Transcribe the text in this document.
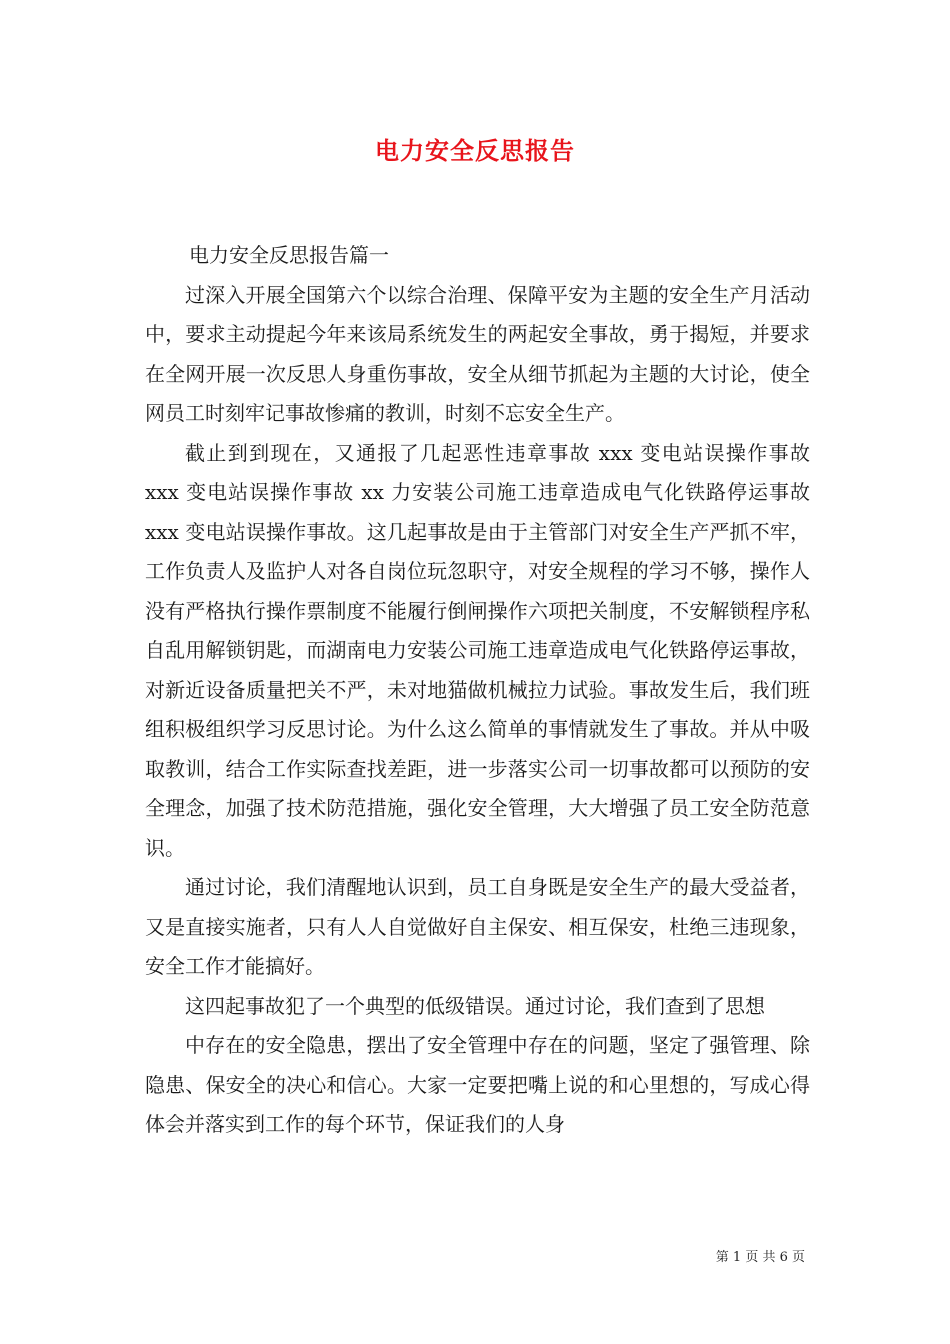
电力安全反思报告

电力安全反思报告篇一

过深入开展全国第六个以综合治理、保障平安为主题的安全生产月活动中，要求主动提起今年来该局系统发生的两起安全事故，勇于揭短，并要求在全网开展一次反思人身重伤事故，安全从细节抓起为主题的大讨论，使全网员工时刻牢记事故惨痛的教训，时刻不忘安全生产。

截止到到现在，又通报了几起恶性违章事故 xxx 变电站误操作事故 xxx 变电站误操作事故 xx 力安装公司施工违章造成电气化铁路停运事故 xxx 变电站误操作事故。这几起事故是由于主管部门对安全生产严抓不牢，工作负责人及监护人对各自岗位玩忽职守，对安全规程的学习不够，操作人没有严格执行操作票制度不能履行倒闸操作六项把关制度，不安解锁程序私自乱用解锁钥匙，而湖南电力安装公司施工违章造成电气化铁路停运事故，对新近设备质量把关不严，未对地猫做机械拉力试验。事故发生后，我们班组积极组织学习反思讨论。为什么这么简单的事情就发生了事故。并从中吸取教训，结合工作实际查找差距，进一步落实公司一切事故都可以预防的安全理念，加强了技术防范措施，强化安全管理，大大增强了员工安全防范意识。

通过讨论，我们清醒地认识到，员工自身既是安全生产的最大受益者，又是直接实施者，只有人人自觉做好自主保安、相互保安，杜绝三违现象，安全工作才能搞好。

这四起事故犯了一个典型的低级错误。通过讨论，我们查到了思想

中存在的安全隐患，摆出了安全管理中存在的问题，坚定了强管理、除隐患、保安全的决心和信心。大家一定要把嘴上说的和心里想的，写成心得体会并落实到工作的每个环节，保证我们的人身

第 1 页 共 6 页
